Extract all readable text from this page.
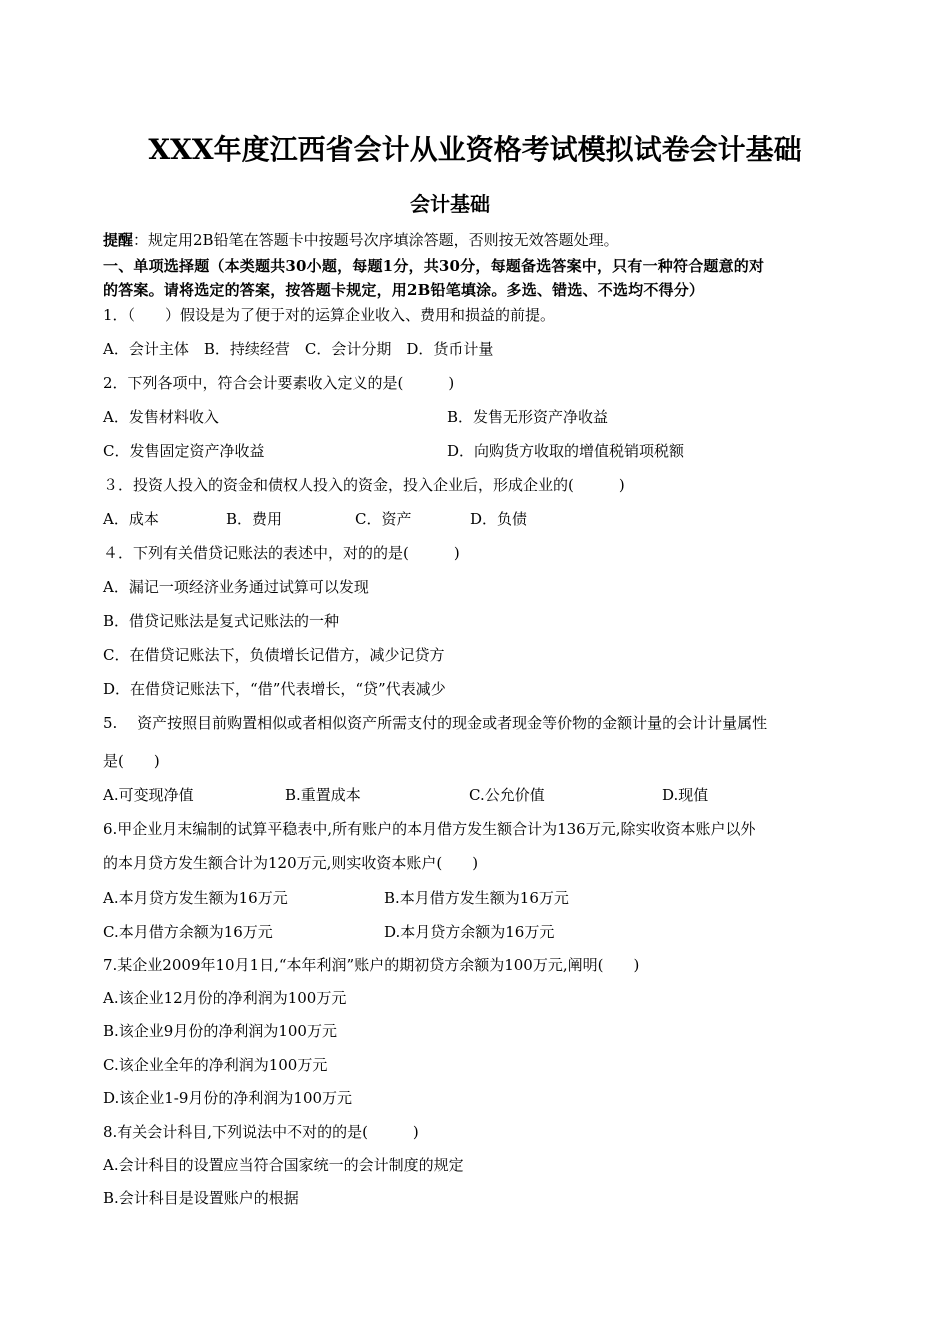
XXX年度江西省会计从业资格考试模拟试卷会计基础
会计基础
提醒：规定用2B铅笔在答题卡中按题号次序填涂答题，否则按无效答题处理。
一、单项选择题（本类题共30小题，每题1分，共30分，每题备选答案中，只有一种符合题意的对
的答案。请将选定的答案，按答题卡规定，用2B铅笔填涂。多选、错选、不选均不得分）
1．（　　）假设是为了便于对的运算企业收入、费用和损益的前提。
A．会计主体　B．持续经营　C．会计分期　D．货币计量
2．下列各项中，符合会计要素收入定义的是(　　　)
A．发售材料收入	B．发售无形资产净收益
C．发售固定资产净收益	D．向购货方收取的增值税销项税额
３．投资人投入的资金和债权人投入的资金，投入企业后，形成企业的(　　　)
A．成本	B．费用	C．资产	D．负债
４．下列有关借贷记账法的表述中，对的的是(　　　)
A．漏记一项经济业务通过试算可以发现
B．借贷记账法是复式记账法的一种
C．在借贷记账法下，负债增长记借方，减少记贷方
D．在借贷记账法下，“借”代表增长，“贷”代表减少
5.　 资产按照目前购置相似或者相似资产所需支付的现金或者现金等价物的金额计量的会计计量属性
是(　　)
A.可变现净值	B.重置成本	C.公允价值	D.现值
6.甲企业月末编制的试算平稳表中,所有账户的本月借方发生额合计为136万元,除实收资本账户以外
的本月贷方发生额合计为120万元,则实收资本账户(　　)
A.本月贷方发生额为16万元	B.本月借方发生额为16万元
C.本月借方余额为16万元	D.本月贷方余额为16万元
7.某企业2009年10月1日,“本年利润”账户的期初贷方余额为100万元,阐明(　　)
A.该企业12月份的净利润为100万元
B.该企业9月份的净利润为100万元
C.该企业全年的净利润为100万元
D.该企业1-9月份的净利润为100万元
8.有关会计科目,下列说法中不对的的是(　　　)
A.会计科目的设置应当符合国家统一的会计制度的规定
B.会计科目是设置账户的根据
